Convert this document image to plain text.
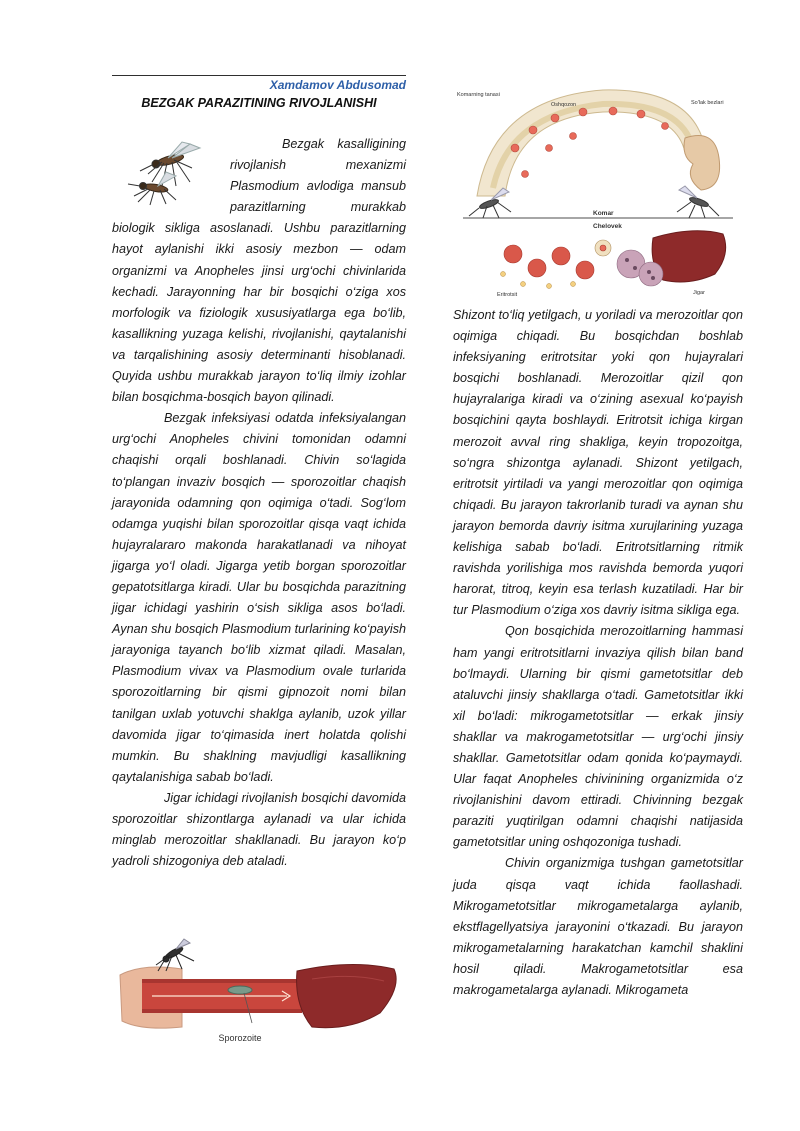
Xamdamov Abdusomad
BEZGAK PARAZITINING RIVOJLANISHI

Bezgak kasalligining rivojlanish mexanizmi Plasmodium avlodiga mansub parazitlarning murakkab biologik sikliga asoslanadi. Ushbu parazitlarning hayot aylanishi ikki asosiy mezbon — odam organizmi va Anopheles jinsi urg‘ochi chivinlarida kechadi. Jarayonning har bir bosqichi o‘ziga xos morfologik va fiziologik xususiyatlarga ega bo‘lib, kasallikning yuzaga kelishi, rivojlanishi, qaytalanishi va tarqalishining asosiy determinanti hisoblanadi. Quyida ushbu murakkab jarayon to‘liq ilmiy izohlar bilan bosqichma-bosqich bayon qilinadi.

Bezgak infeksiyasi odatda infeksiyalangan urg‘ochi Anopheles chivini tomonidan odamni chaqishi orqali boshlanadi. Chivin so‘lagida to‘plangan invaziv bosqich — sporozoitlar chaqish jarayonida odamning qon oqimiga o‘tadi. Sog‘lom odamga yuqishi bilan sporozoitlar qisqa vaqt ichida hujayralararo makonda harakatlanadi va nihoyat jigarga yo‘l oladi. Jigarga yetib borgan sporozoitlar gepatotsitlarga kiradi. Ular bu bosqichda parazitning jigar ichidagi yashirin o‘sish sikliga asos bo‘ladi. Aynan shu bosqich Plasmodium turlarining ko‘payish jarayoniga tayanch bo‘lib xizmat qiladi. Masalan, Plasmodium vivax va Plasmodium ovale turlarida sporozoitlarning bir qismi gipnozoit nomi bilan tanilgan uxlab yotuvchi shaklga aylanib, uzok yillar davomida jigar to‘qimasida inert holatda qolishi mumkin. Bu shaklning mavjudligi kasallikning qaytalanishiga sabab bo‘ladi.

Jigar ichidagi rivojlanish bosqichi davomida sporozoitlar shizontlarga aylanadi va ular ichida minglab merozoitlar shakllanadi. Bu jarayon ko‘p yadroli shizogoniya deb ataladi.

Sporozoite
Komar
Chelovek
Komarning tanasi
Oshqozon	So'lak bezlari
Eritrotsit	Jigar

Shizont to‘liq yetilgach, u yoriladi va merozoitlar qon oqimiga chiqadi. Bu bosqichdan boshlab infeksiyaning eritrotsitar yoki qon hujayralari bosqichi boshlanadi. Merozoitlar qizil qon hujayralariga kiradi va o‘zining asexual ko‘payish bosqichini qayta boshlaydi. Eritrotsit ichiga kirgan merozoit avval ring shakliga, keyin tropozoitga, so‘ngra shizontga aylanadi. Shizont yetilgach, eritrotsit yirtiladi va yangi merozoitlar qon oqimiga chiqadi. Bu jarayon takrorlanib turadi va aynan shu jarayon bemorda davriy isitma xurujlarining yuzaga kelishiga sabab bo‘ladi. Eritrotsitlarning ritmik ravishda yorilishiga mos ravishda bemorda yuqori harorat, titroq, keyin esa terlash kuzatiladi. Har bir tur Plasmodium o‘ziga xos davriy isitma sikliga ega.

Qon bosqichida merozoitlarning hammasi ham yangi eritrotsitlarni invaziya qilish bilan band bo‘lmaydi. Ularning bir qismi gametotsitlar deb ataluvchi jinsiy shakllarga o‘tadi. Gametotsitlar ikki xil bo‘ladi: mikrogametotsitlar — erkak jinsiy shakllar va makrogametotsitlar — urg‘ochi jinsiy shakllar. Gametotsitlar odam qonida ko‘paymaydi. Ular faqat Anopheles chivinining organizmida o‘z rivojlanishini davom ettiradi. Chivinning bezgak paraziti yuqtirilgan odamni chaqishi natijasida gametotsitlar uning oshqozoniga tushadi.

Chivin organizmiga tushgan gametotsitlar juda qisqa vaqt ichida faollashadi. Mikrogametotsitlar mikrogametalarga aylanib, ekstflagellyatsiya jarayonini o‘tkazadi. Bu jarayon mikrogametalarning harakatchan kamchil shaklini hosil qiladi. Makrogametotsitlar esa makrogametalarga aylanadi. Mikrogameta
